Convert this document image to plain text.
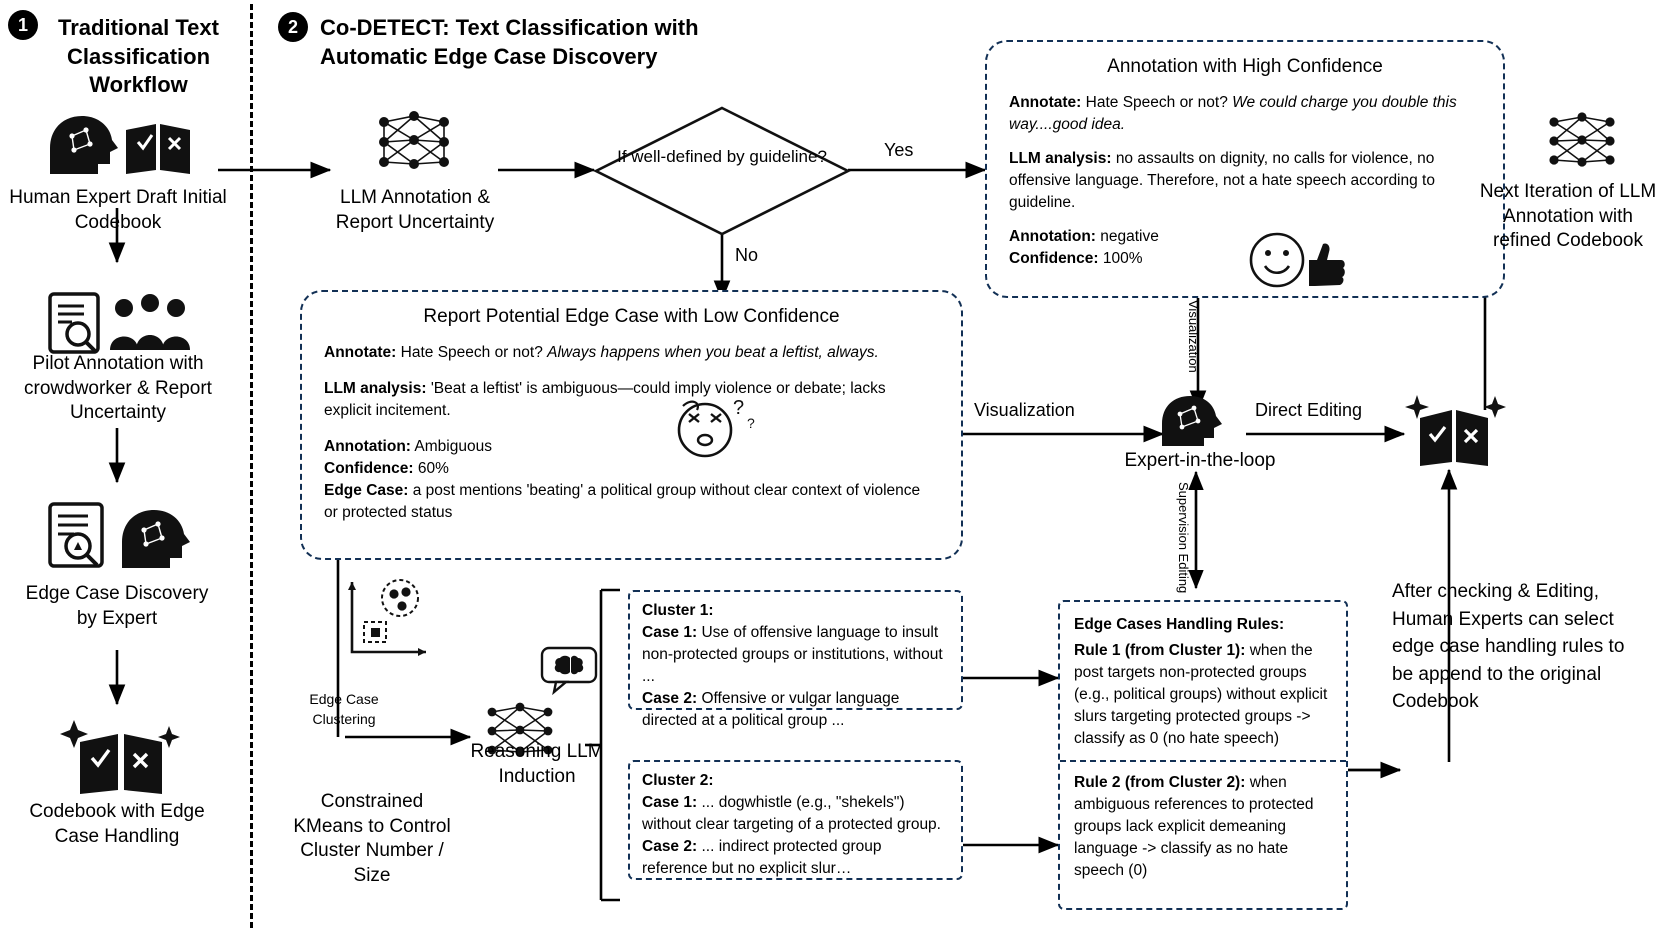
1	Traditional Text Classification Workflow
Human Expert Draft Initial Codebook
Pilot Annotation with crowdworker & Report Uncertainty
Edge Case Discovery by Expert
Codebook with Edge Case Handling
2	Co-DETECT: Text Classification with Automatic Edge Case Discovery
LLM Annotation & Report Uncertainty
If well-defined by guideline?	Yes
No
Annotation with High Confidence

Annotate: Hate Speech or not? We could charge you double this way....good idea.

LLM analysis: no assaults on dignity, no calls for violence, no offensive language. Therefore, not a hate speech according to guideline.

Annotation: negative

Confidence: 100%

Visualization
Report Potential Edge Case with Low Confidence

Annotate: Hate Speech or not? Always happens when you beat a leftist, always.

LLM analysis: 'Beat a leftist' is ambiguous—could imply violence or debate; lacks explicit incitement.

Annotation: Ambiguous

Confidence: 60%

Edge Case: a post mentions 'beating' a political group without clear context of violence or protected status

?
?
Visualization
Expert-in-the-loop
Supervision Editing
Direct Editing
Next Iteration of LLM Annotation with refined Codebook
Edge Case Clustering
Constrained KMeans to Control Cluster Number / Size
Reasoning LLM Induction
Cluster 1:
Case 1: Use of offensive language to insult non-protected groups or institutions, without ...
Case 2: Offensive or vulgar language directed at a political group ...
Cluster 2:
Case 1: ... dogwhistle (e.g., "shekels") without clear targeting of a protected group.
Case 2: ... indirect protected group reference but no explicit slur…
Edge Cases Handling Rules:
Rule 1 (from Cluster 1): when the post targets non-protected groups (e.g., political groups) without explicit slurs targeting protected groups -> classify as 0 (no hate speech)
Rule 2 (from Cluster 2): when ambiguous references to protected groups lack explicit demeaning language -> classify as no hate speech (0)
After checking & Editing, Human Experts can select edge case handling rules to be append to the original Codebook
